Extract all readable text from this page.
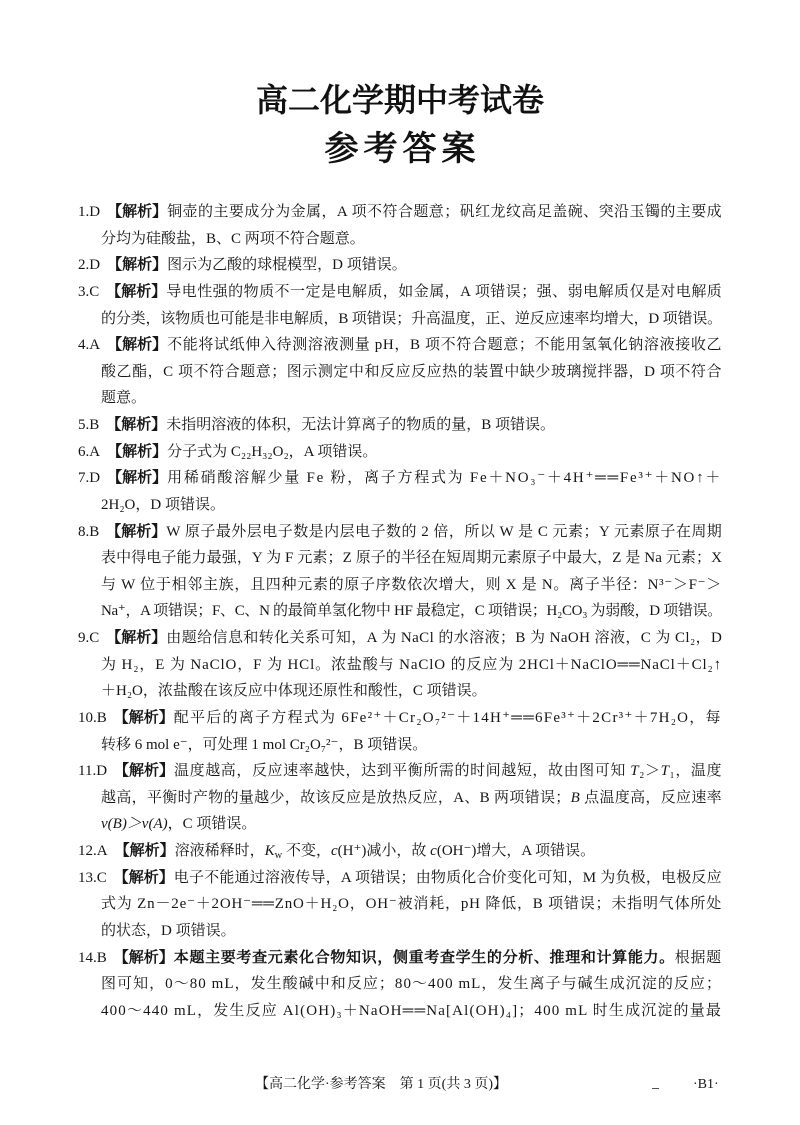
高二化学期中考试卷
参考答案
1.D 【解析】 铜壶的主要成分为金属，A 项不符合题意；矾红龙纹高足盖碗、突沿玉镯的主要成
分均为硅酸盐，B、C 两项不符合题意。
2.D 【解析】 图示为乙酸的球棍模型，D 项错误。
3.C 【解析】 导电性强的物质不一定是电解质，如金属，A 项错误；强、弱电解质仅是对电解质
的分类，该物质也可能是非电解质，B 项错误；升高温度，正、逆反应速率均增大，D 项错误。
4.A 【解析】 不能将试纸伸入待测溶液测量 pH，B 项不符合题意；不能用氢氧化钠溶液接收乙
酸乙酯，C 项不符合题意；图示测定中和反应反应热的装置中缺少玻璃搅拌器，D 项不符合
题意。
5.B 【解析】 未指明溶液的体积，无法计算离子的物质的量，B 项错误。
6.A 【解析】 分子式为 C₂₂H₃₂O₂，A 项错误。
7.D 【解析】 用稀硝酸溶解少量 Fe 粉，离子方程式为 Fe＋NO₃⁻＋4H⁺══Fe³⁺＋NO↑＋
2H₂O，D 项错误。
8.B 【解析】 W 原子最外层电子数是内层电子数的 2 倍，所以 W 是 C 元素；Y 元素原子在周期
表中得电子能力最强，Y 为 F 元素；Z 原子的半径在短周期元素原子中最大，Z 是 Na 元素；X
与 W 位于相邻主族，且四种元素的原子序数依次增大，则 X 是 N。离子半径：N³⁻＞F⁻＞
Na⁺，A 项错误；F、C、N 的最简单氢化物中 HF 最稳定，C 项错误；H₂CO₃ 为弱酸，D 项错误。
9.C 【解析】 由题给信息和转化关系可知，A 为 NaCl 的水溶液；B 为 NaOH 溶液，C 为 Cl₂，D
为 H₂，E 为 NaClO，F 为 HCl。浓盐酸与 NaClO 的反应为 2HCl＋NaClO══NaCl＋Cl₂↑
＋H₂O，浓盐酸在该反应中体现还原性和酸性，C 项错误。
10.B 【解析】 配平后的离子方程式为 6Fe²⁺＋Cr₂O₇²⁻＋14H⁺══6Fe³⁺＋2Cr³⁺＋7H₂O，每
转移 6 mol e⁻，可处理 1 mol Cr₂O₇²⁻，B 项错误。
11.D 【解析】 温度越高，反应速率越快，达到平衡所需的时间越短，故由图可知 T₂＞T₁，温度
越高，平衡时产物的量越少，故该反应是放热反应，A、B 两项错误；B 点温度高，反应速率
v(B)＞v(A)，C 项错误。
12.A 【解析】 溶液稀释时，$K_w$ 不变，c(H⁺)减小，故 c(OH⁻)增大，A 项错误。
13.C 【解析】 电子不能通过溶液传导，A 项错误；由物质化合价变化可知，M 为负极，电极反应
式为 Zn－2e⁻＋2OH⁻══ZnO＋H₂O，OH⁻被消耗，pH 降低，B 项错误；未指明气体所处
的状态，D 项错误。
14.B 【解析】 本题主要考查元素化合物知识，侧重考查学生的分析、推理和计算能力。根据题
图可知，0～80 mL，发生酸碱中和反应；80～400 mL，发生离子与碱生成沉淀的反应；
400～440 mL，发生反应 Al(OH)₃＋NaOH══Na[Al(OH)₄]；400 mL 时生成沉淀的量最
【高二化学·参考答案　第 1 页(共 3 页)】	·B1·
